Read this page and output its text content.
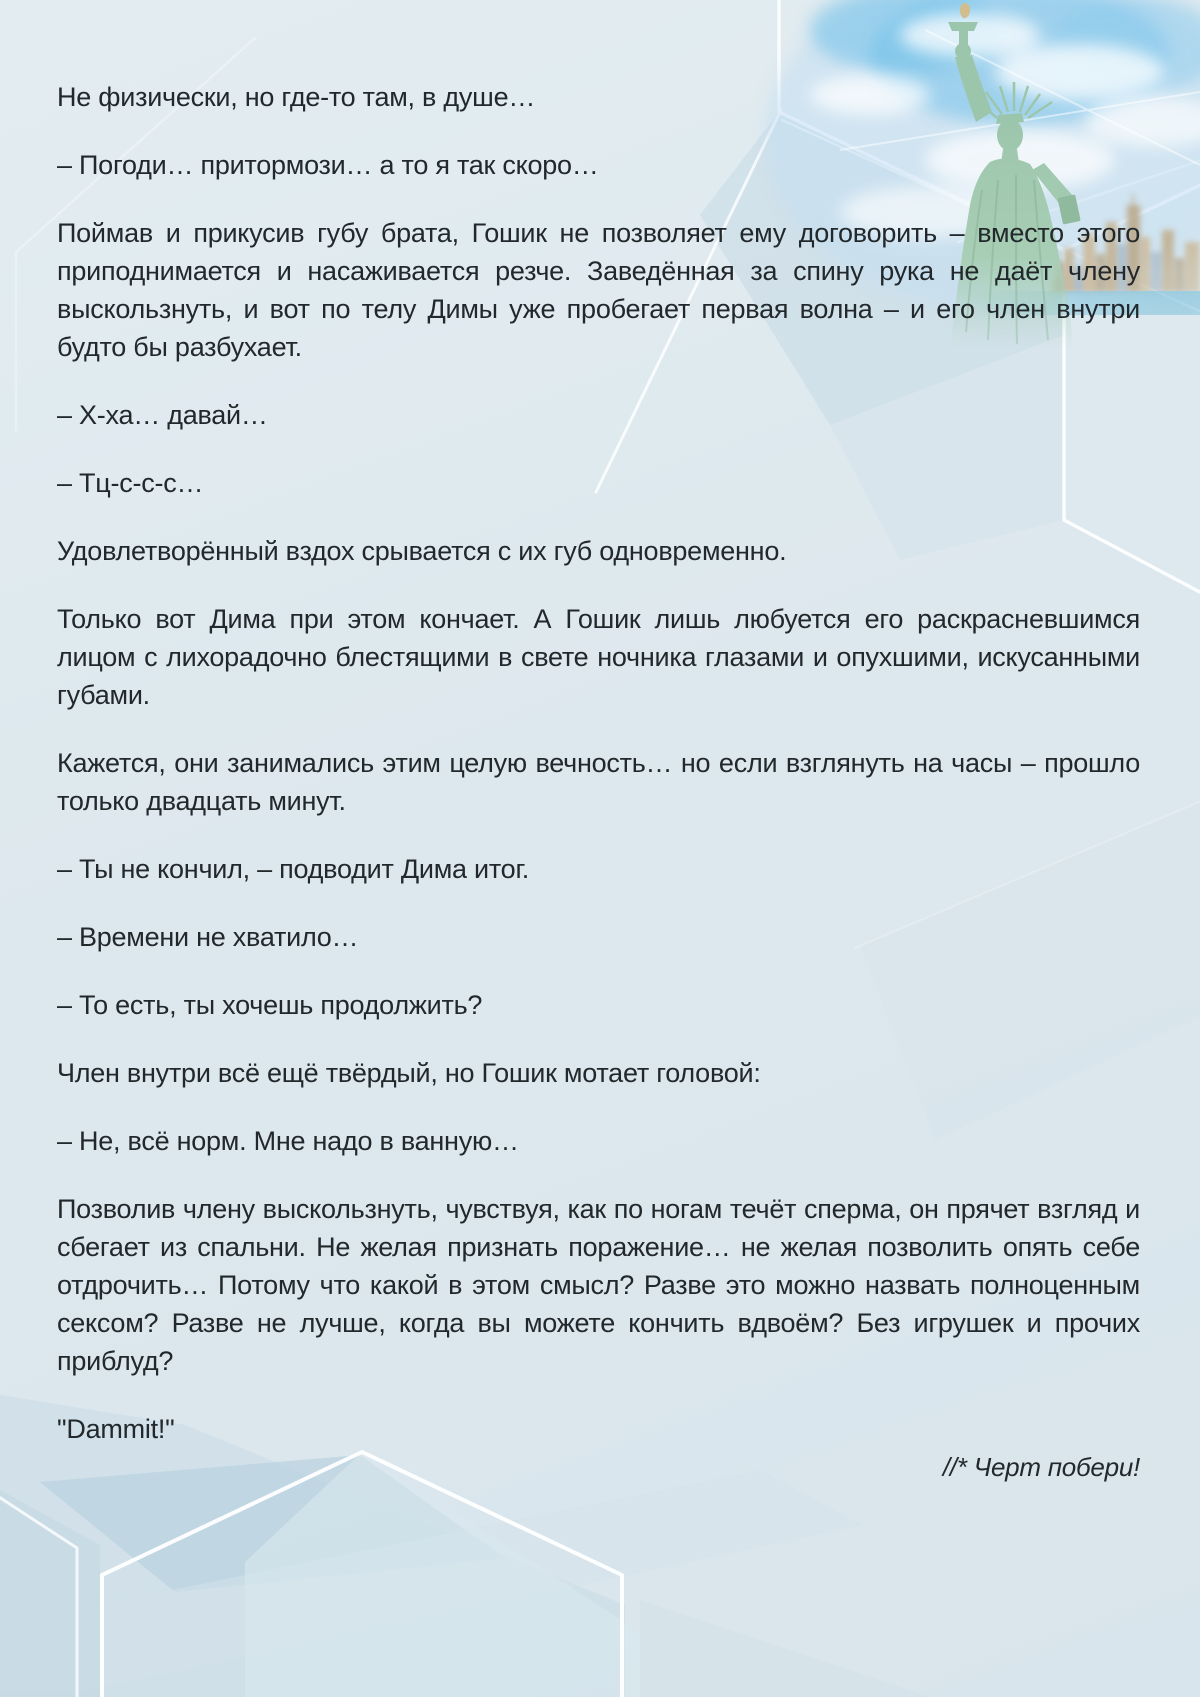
Не физически, но где-то там, в душе…

– Погоди… притормози… а то я так скоро…

Поймав и прикусив губу брата, Гошик не позволяет ему договорить – вместо этого приподнимается и насаживается резче. Заведённая за спину рука не даёт члену выскользнуть, и вот по телу Димы уже пробегает первая волна – и его член внутри будто бы разбухает.

– Х-ха… давай…

– Тц-с-с-с…

Удовлетворённый вздох срывается с их губ одновременно.

Только вот Дима при этом кончает. А Гошик лишь любуется его раскрасневшимся лицом с лихорадочно блестящими в свете ночника глазами и опухшими, искусанными губами.

Кажется, они занимались этим целую вечность… но если взглянуть на часы – прошло только двадцать минут.

– Ты не кончил, – подводит Дима итог.

– Времени не хватило…

– То есть, ты хочешь продолжить?

Член внутри всё ещё твёрдый, но Гошик мотает головой:

– Не, всё норм. Мне надо в ванную…

Позволив члену выскользнуть, чувствуя, как по ногам течёт сперма, он прячет взгляд и сбегает из спальни. Не желая признать поражение… не желая позволить опять себе отдрочить… Потому что какой в этом смысл? Разве это можно назвать полноценным сексом? Разве не лучше, когда вы можете кончить вдвоём? Без игрушек и прочих приблуд?

"Dammit!"

//* Черт побери!
